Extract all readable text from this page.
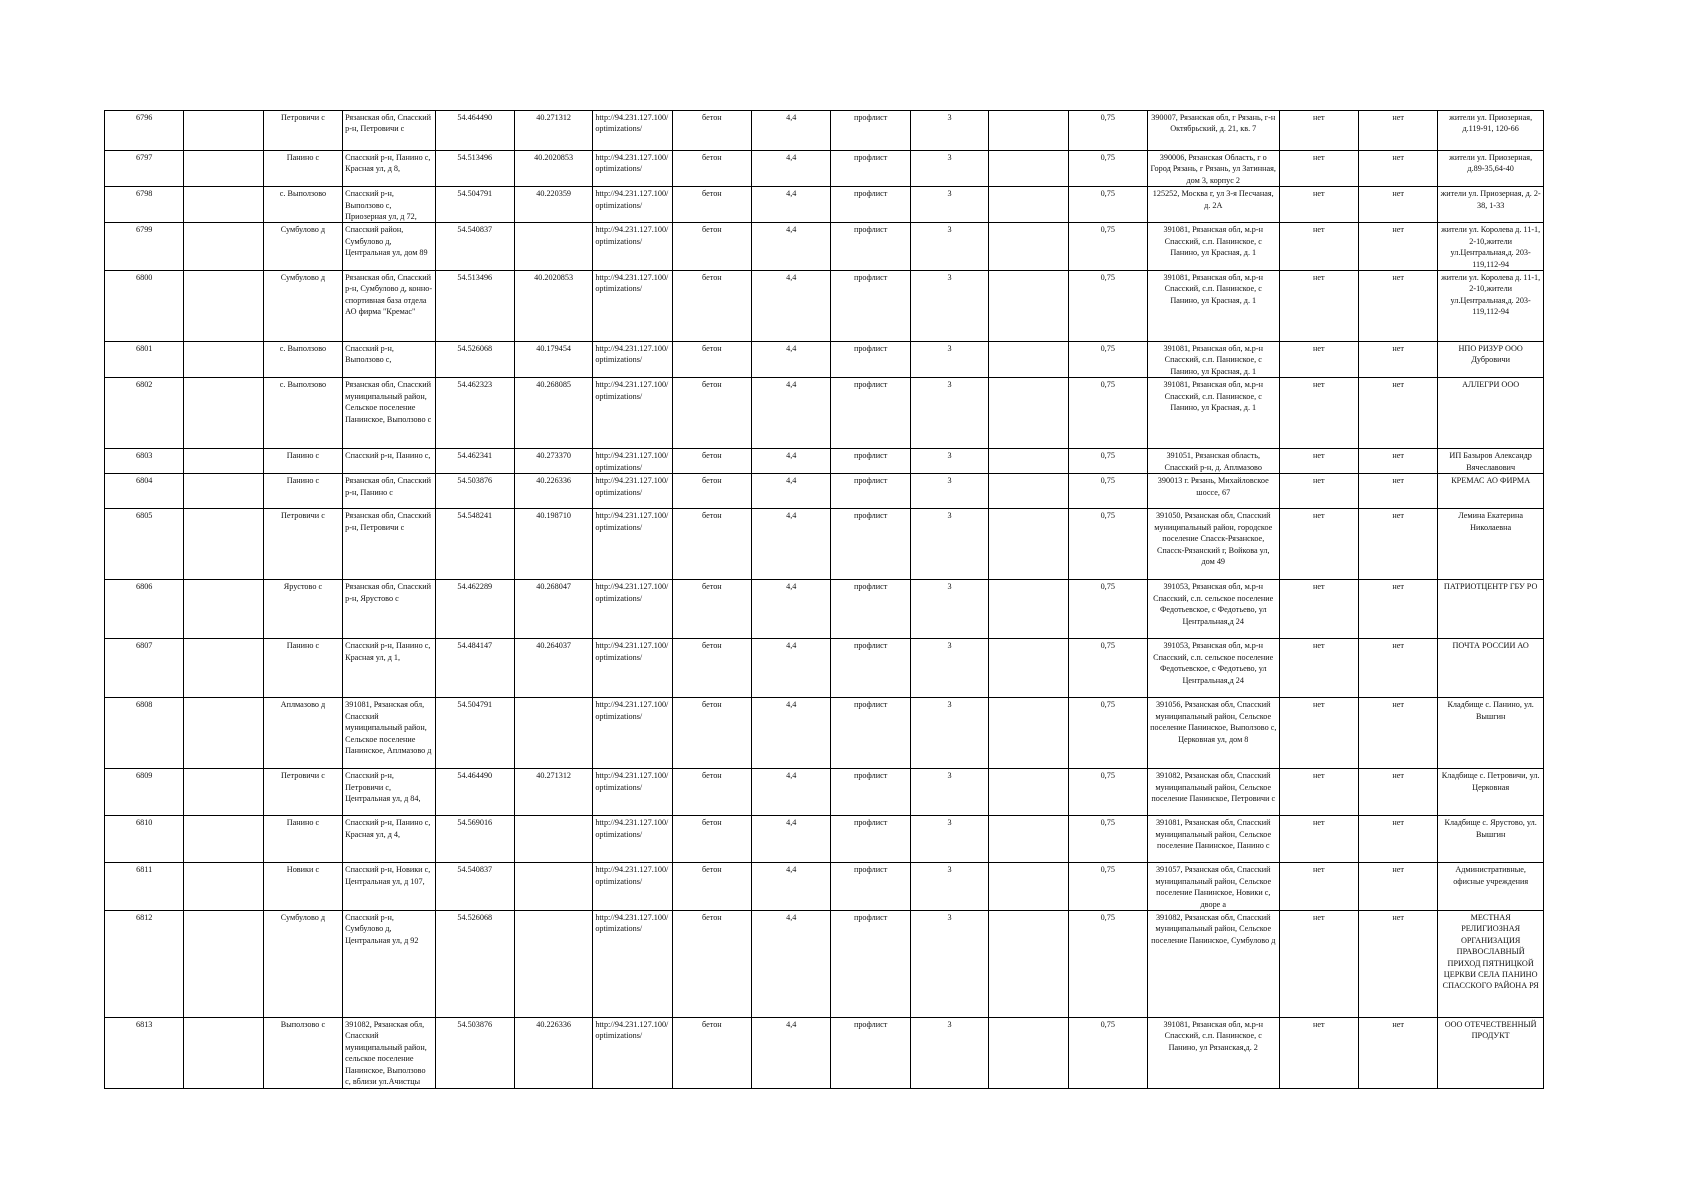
6796		Петровичи с	Рязанская обл, Спасский р-н, Петровичи с	54.464490	40.271312	http://94.231.127.100/optimizations/	бетон	4,4	профлист	3		0,75	390007, Рязанская обл, г Рязань, г-н Октябрьский, д. 21, кв. 7	нет	нет	жители ул. Приозерная, д.119-91, 120-66
6797		Панино с	Спасский р-н, Панино с, Красная ул, д 8,	54.513496	40.2020853	http://94.231.127.100/optimizations/	бетон	4,4	профлист	3		0,75	390006, Рязанская Область, г о Город Рязань, г Рязань, ул Затинная, дом 3, корпус 2	нет	нет	жители ул. Приозерная, д.89-35,64-40
6798		с. Выползово	Спасский р-н, Выползово с, Приозерная ул, д 72,	54.504791	40.220359	http://94.231.127.100/optimizations/	бетон	4,4	профлист	3		0,75	125252, Москва г, ул 3-я Песчаная, д. 2А	нет	нет	жители ул. Приозерная, д. 2-38, 1-33
6799		Сумбулово д	Спасский район, Сумбулово д, Центральная ул, дом 89	54.540837		http://94.231.127.100/optimizations/	бетон	4,4	профлист	3		0,75	391081, Рязанская обл, м.р-н Спасский, с.п. Панинское, с Панино, ул Красная, д. 1	нет	нет	жители ул. Королева д. 11-1, 2-10,жители ул.Центральная,д. 203-119,112-94
6800		Сумбулово д	Рязанская обл, Спасский р-н, Сумбулово д, конно-спортивная база отдела АО фирма "Кремас"	54.513496	40.2020853	http://94.231.127.100/optimizations/	бетон	4,4	профлист	3		0,75	391081, Рязанская обл, м.р-н Спасский, с.п. Панинское, с Панино, ул Красная, д. 1	нет	нет	жители ул. Королева д. 11-1, 2-10,жители ул.Центральная,д. 203-119,112-94
6801		с. Выползово	Спасский р-н, Выползово с,	54.526068	40.179454	http://94.231.127.100/optimizations/	бетон	4,4	профлист	3		0,75	391081, Рязанская обл, м.р-н Спасский, с.п. Панинское, с Панино, ул Красная, д. 1	нет	нет	НПО РИЗУР ООО Дубровичи
6802		с. Выползово	Рязанская обл, Спасский муниципальный район, Сельское поселение Панинское, Выползово с	54.462323	40.268085	http://94.231.127.100/optimizations/	бетон	4,4	профлист	3		0,75	391081, Рязанская обл, м.р-н Спасский, с.п. Панинское, с Панино, ул Красная, д. 1	нет	нет	АЛЛЕГРИ ООО
6803		Панино с	Спасский р-н, Панино с,	54.462341	40.273370	http://94.231.127.100/optimizations/	бетон	4,4	профлист	3		0,75	391051, Рязанская область, Спасский р-н, д. Аплмазово	нет	нет	ИП Базыров Александр Вячеславович
6804		Панино с	Рязанская обл, Спасский р-н, Панино с	54.503876	40.226336	http://94.231.127.100/optimizations/	бетон	4,4	профлист	3		0,75	390013 г. Рязань, Михайловское шоссе, 67	нет	нет	КРЕМАС АО ФИРМА
6805		Петровичи с	Рязанская обл, Спасский р-н, Петровичи с	54.548241	40.198710	http://94.231.127.100/optimizations/	бетон	4,4	профлист	3		0,75	391050, Рязанская обл, Спасский муниципальный район, городское поселение Спасск-Рязанское, Спасск-Рязанский г, Войкова ул, дом 49	нет	нет	Лемина Екатерина Николаевна
6806		Ярустово с	Рязанская обл, Спасский р-н, Ярустово с	54.462289	40.268047	http://94.231.127.100/optimizations/	бетон	4,4	профлист	3		0,75	391053, Рязанская обл, м.р-н Спасский, с.п. сельское поселение Федотьевское, с Федотьево, ул Центральная,д 24	нет	нет	ПАТРИОТЦЕНТР ГБУ РО
6807		Панино с	Спасский р-н, Панино с, Красная ул, д 1,	54.484147	40.264037	http://94.231.127.100/optimizations/	бетон	4,4	профлист	3		0,75	391053, Рязанская обл, м.р-н Спасский, с.п. сельское поселение Федотьевское, с Федотьево, ул Центральная,д 24	нет	нет	ПОЧТА РОССИИ АО
6808		Аплмазово д	391081, Рязанская обл, Спасский муниципальный район, Сельское поселение Панинское, Аплмазово д	54.504791		http://94.231.127.100/optimizations/	бетон	4,4	профлист	3		0,75	391056, Рязанская обл, Спасский муниципальный район, Сельское поселение Панинское, Выползово с, Церковная ул, дом 8	нет	нет	Кладбище с. Панино, ул. Вышгин
6809		Петровичи с	Спасский р-н, Петровичи с, Центральная ул, д 84,	54.464490	40.271312	http://94.231.127.100/optimizations/	бетон	4,4	профлист	3		0,75	391082, Рязанская обл, Спасский муниципальный район, Сельское поселение Панинское, Петровичи с	нет	нет	Кладбище с. Петровичи, ул. Церковная
6810		Панино с	Спасский р-н, Панино с, Красная ул, д 4,	54.569016		http://94.231.127.100/optimizations/	бетон	4,4	профлист	3		0,75	391081, Рязанская обл, Спасский муниципальный район, Сельское поселение Панинское, Панино с	нет	нет	Кладбище с. Ярустово, ул. Вышгин
6811		Новики с	Спасский р-н, Новики с, Центральная ул, д 107,	54.540837		http://94.231.127.100/optimizations/	бетон	4,4	профлист	3		0,75	391057, Рязанская обл, Спасский муниципальный район, Сельское поселение Панинское, Новики с, дворе а	нет	нет	Административные, офисные учреждения
6812		Сумбулово д	Спасский р-н, Сумбулово д, Центральная ул, д 92	54.526068		http://94.231.127.100/optimizations/	бетон	4,4	профлист	3		0,75	391082, Рязанская обл, Спасский муниципальный район, Сельское поселение Панинское, Сумбулово д	нет	нет	МЕСТНАЯ РЕЛИГИОЗНАЯ ОРГАНИЗАЦИЯ ПРАВОСЛАВНЫЙ ПРИХОД ПЯТНИЦКОЙ ЦЕРКВИ СЕЛА ПАНИНО СПАССКОГО РАЙОНА РЯ
6813		Выползово с	391082, Рязанская обл, Спасский муниципальный район, сельское поселение Панинское, Выползово с, вблизи ул.Ачистцы	54.503876	40.226336	http://94.231.127.100/optimizations/	бетон	4,4	профлист	3		0,75	391081, Рязанская обл, м.р-н Спасский, с.п. Панинское, с Панино, ул Рязанская,д. 2	нет	нет	ООО ОТЕЧЕСТВЕННЫЙ ПРОДУКТ
